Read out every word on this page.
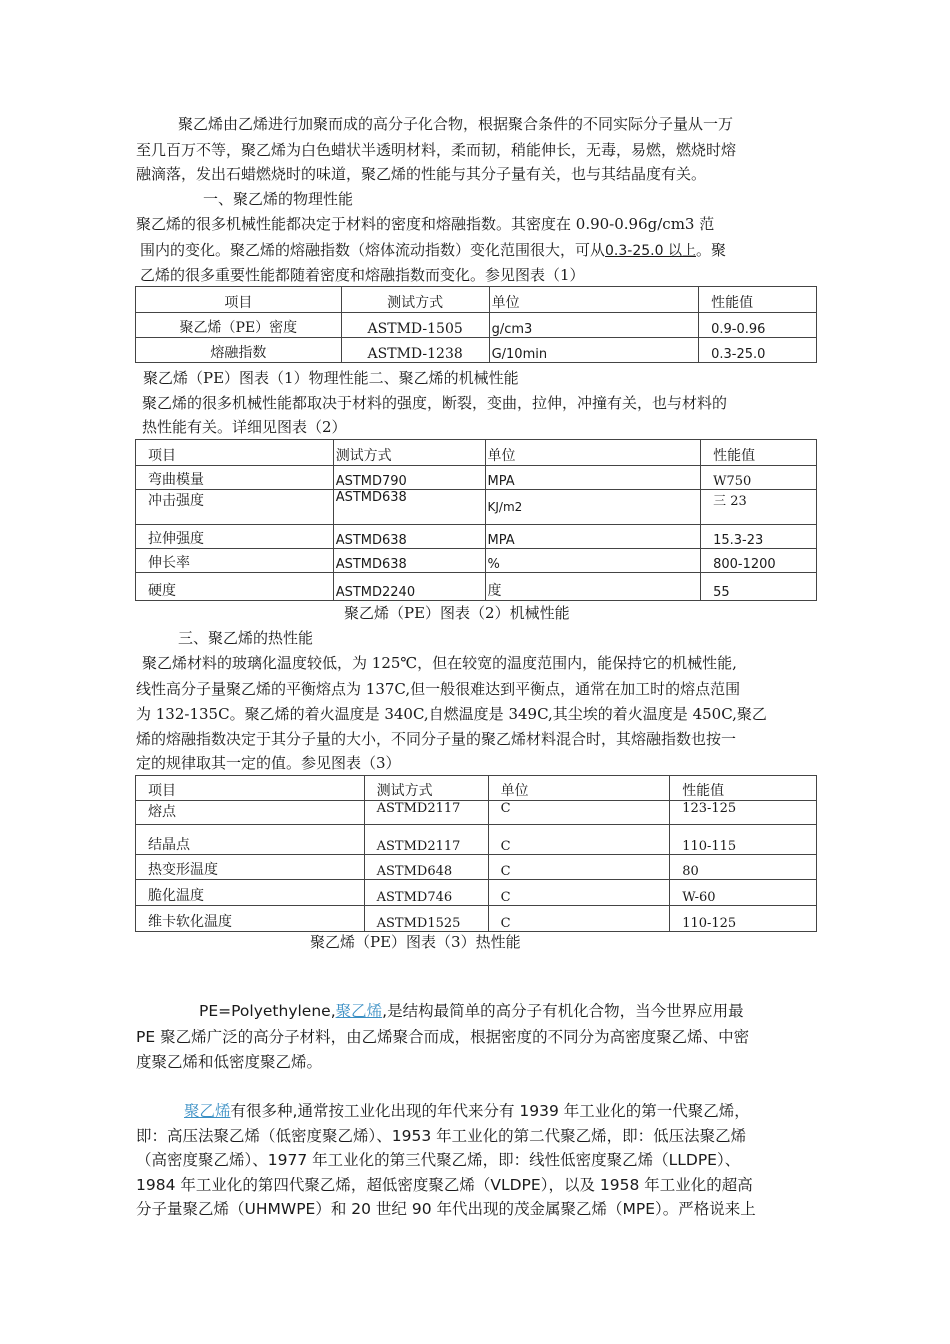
聚乙烯由乙烯进行加聚而成的高分子化合物，根据聚合条件的不同实际分子量从一万
至几百万不等，聚乙烯为白色蜡状半透明材料，柔而韧，稍能伸长，无毒，易燃，燃烧时熔
融滴落，发出石蜡燃烧时的味道，聚乙烯的性能与其分子量有关，也与其结晶度有关。
一、聚乙烯的物理性能
聚乙烯的很多机械性能都决定于材料的密度和熔融指数。其密度在 0.90-0.96g/cm3 范
围内的变化。聚乙烯的熔融指数（熔体流动指数）变化范围很大，可从0.3-25.0 以上。聚
乙烯的很多重要性能都随着密度和熔融指数而变化。参见图表（1）
项目	测试方式	单位	性能值
聚乙烯（PE）密度	ASTMD-1505	g/cm3	0.9-0.96
熔融指数	ASTMD-1238	G/10min	0.3-25.0
聚乙烯（PE）图表（1）物理性能二、聚乙烯的机械性能
聚乙烯的很多机械性能都取决于材料的强度，断裂，变曲，拉伸，冲撞有关，也与材料的
热性能有关。详细见图表（2）
项目	测试方式	单位	性能值
弯曲模量	ASTMD790	MPA	W750
冲击强度	ASTMD638	KJ/m2	三 23
拉伸强度	ASTMD638	MPA	15.3-23
伸长率	ASTMD638	%	800-1200
硬度	ASTMD2240	度	55
聚乙烯（PE）图表（2）机械性能
三、聚乙烯的热性能
聚乙烯材料的玻璃化温度较低，为 125℃，但在较宽的温度范围内，能保持它的机械性能,
线性高分子量聚乙烯的平衡熔点为 137C,但一般很难达到平衡点，通常在加工时的熔点范围
为 132-135C。聚乙烯的着火温度是 340C,自燃温度是 349C,其尘埃的着火温度是 450C,聚乙
烯的熔融指数决定于其分子量的大小，不同分子量的聚乙烯材料混合时，其熔融指数也按一
定的规律取其一定的值。参见图表（3）
项目	测试方式	单位	性能值
熔点	ASTMD2117	C	123-125
结晶点	ASTMD2117	C	110-115
热变形温度	ASTMD648	C	80
脆化温度	ASTMD746	C	W-60
维卡软化温度	ASTMD1525	C	110-125
聚乙烯（PE）图表（3）热性能
PE=Polyethylene,聚乙烯,是结构最简单的高分子有机化合物，当今世界应用最
PE 聚乙烯广泛的高分子材料，由乙烯聚合而成，根据密度的不同分为高密度聚乙烯、中密
度聚乙烯和低密度聚乙烯。
聚乙烯有很多种,通常按工业化出现的年代来分有 1939 年工业化的第一代聚乙烯，
即：高压法聚乙烯（低密度聚乙烯）、1953 年工业化的第二代聚乙烯，即：低压法聚乙烯
（高密度聚乙烯）、1977 年工业化的第三代聚乙烯，即：线性低密度聚乙烯（LLDPE）、
1984 年工业化的第四代聚乙烯，超低密度聚乙烯（VLDPE），以及 1958 年工业化的超高
分子量聚乙烯（UHMWPE）和 20 世纪 90 年代出现的茂金属聚乙烯（MPE）。严格说来上
